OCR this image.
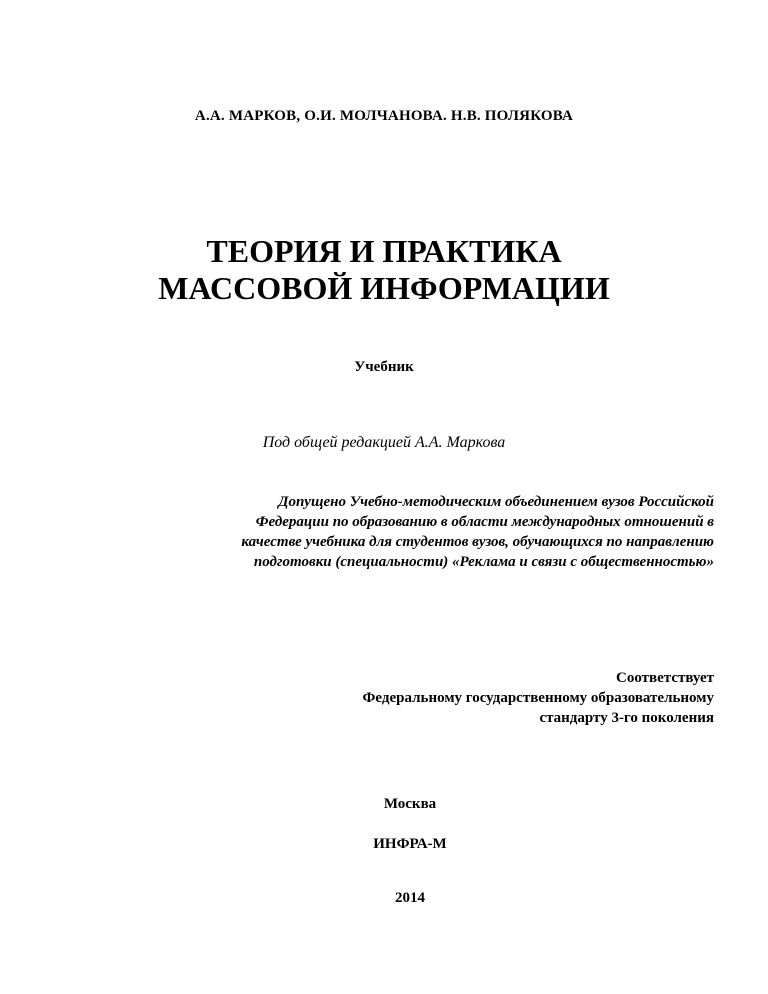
А.А. МАРКОВ, О.И. МОЛЧАНОВА. Н.В. ПОЛЯКОВА
ТЕОРИЯ И ПРАКТИКА
МАССОВОЙ ИНФОРМАЦИИ
Учебник
Под общей редакцией А.А. Маркова
Допущено Учебно-методическим объединением вузов Российской
Федерации по образованию в области международных отношений в
качестве учебника для студентов вузов, обучающихся по направлению
подготовки (специальности) «Реклама и связи с общественностью»
Соответствует
Федеральному государственному образовательному
стандарту 3-го поколения
Москва
ИНФРА-М
2014
